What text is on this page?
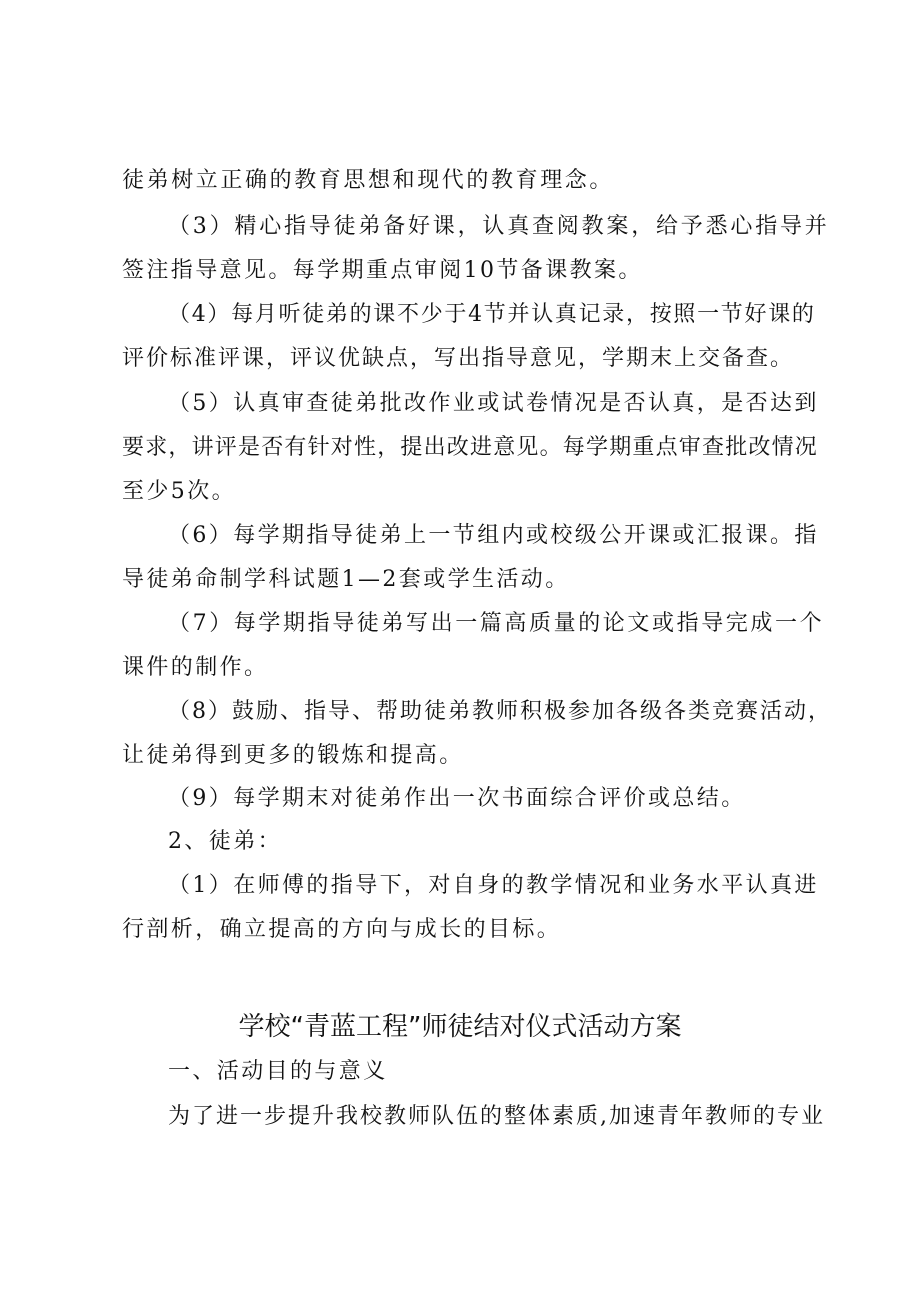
徒弟树立正确的教育思想和现代的教育理念。
（3）精心指导徒弟备好课，认真查阅教案，给予悉心指导并
签注指导意见。每学期重点审阅10节备课教案。
（4）每月听徒弟的课不少于4节并认真记录，按照一节好课的
评价标准评课，评议优缺点，写出指导意见，学期末上交备查。
（5）认真审查徒弟批改作业或试卷情况是否认真，是否达到
要求，讲评是否有针对性，提出改进意见。每学期重点审查批改情况
至少5次。
（6）每学期指导徒弟上一节组内或校级公开课或汇报课。指
导徒弟命制学科试题1—2套或学生活动。
（7）每学期指导徒弟写出一篇高质量的论文或指导完成一个
课件的制作。
（8）鼓励、指导、帮助徒弟教师积极参加各级各类竞赛活动，
让徒弟得到更多的锻炼和提高。
（9）每学期末对徒弟作出一次书面综合评价或总结。
2、徒弟：
（1）在师傅的指导下，对自身的教学情况和业务水平认真进
行剖析，确立提高的方向与成长的目标。
学校“青蓝工程”师徒结对仪式活动方案
一、活动目的与意义
为了进一步提升我校教师队伍的整体素质,加速青年教师的专业
